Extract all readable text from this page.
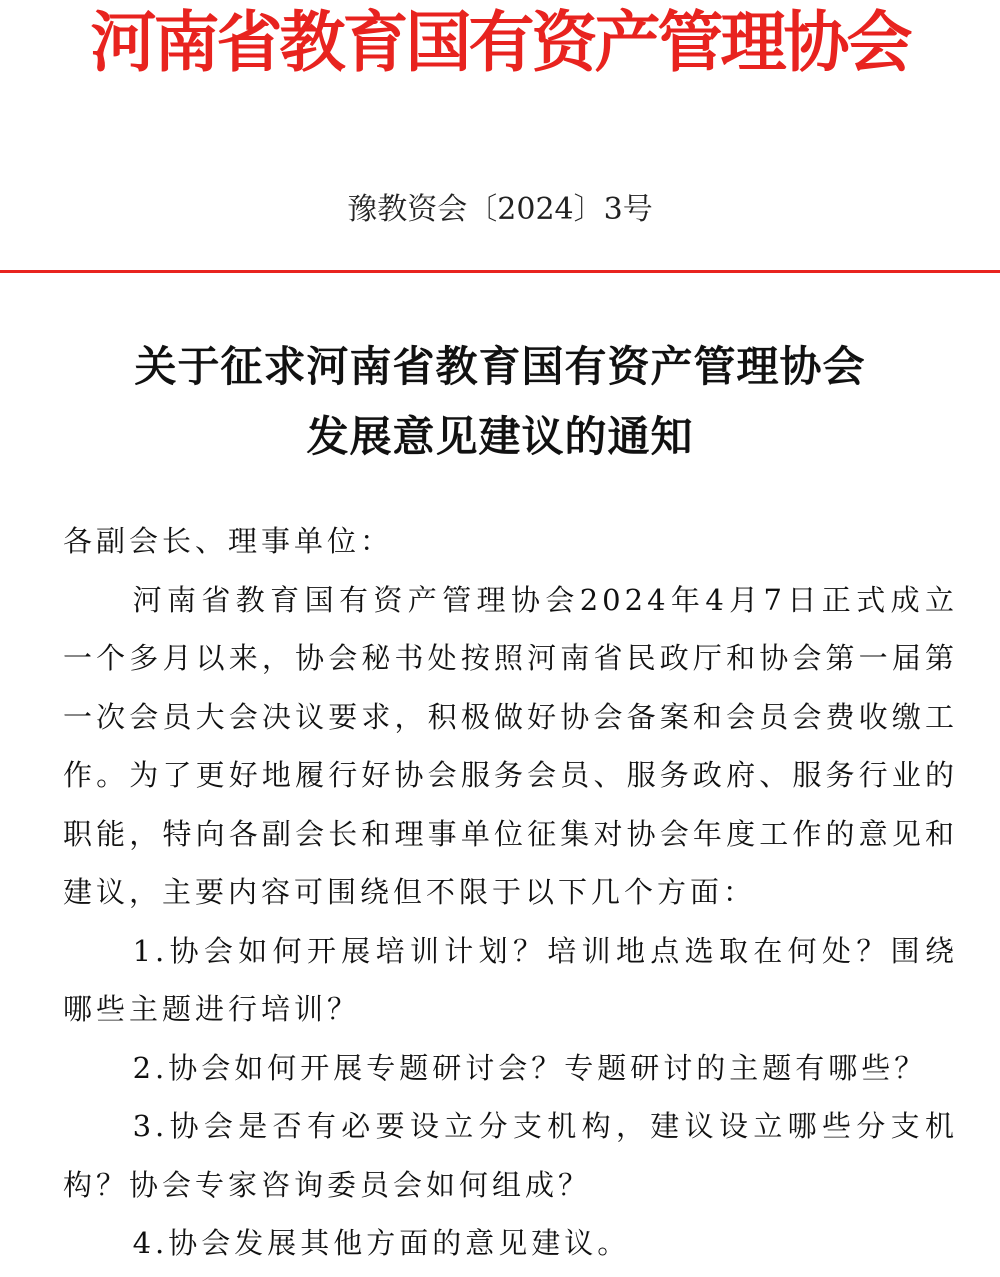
河南省教育国有资产管理协会
豫教资会〔2024〕3号
关于征求河南省教育国有资产管理协会
发展意见建议的通知

各副会长、理事单位：

河南省教育国有资产管理协会2024年4月7日正式成立一个多月以来，协会秘书处按照河南省民政厅和协会第一届第一次会员大会决议要求，积极做好协会备案和会员会费收缴工作。为了更好地履行好协会服务会员、服务政府、服务行业的职能，特向各副会长和理事单位征集对协会年度工作的意见和建议，主要内容可围绕但不限于以下几个方面：

1.协会如何开展培训计划？培训地点选取在何处？围绕哪些主题进行培训？

2.协会如何开展专题研讨会？专题研讨的主题有哪些？

3.协会是否有必要设立分支机构，建议设立哪些分支机构？协会专家咨询委员会如何组成？

4.协会发展其他方面的意见建议。
